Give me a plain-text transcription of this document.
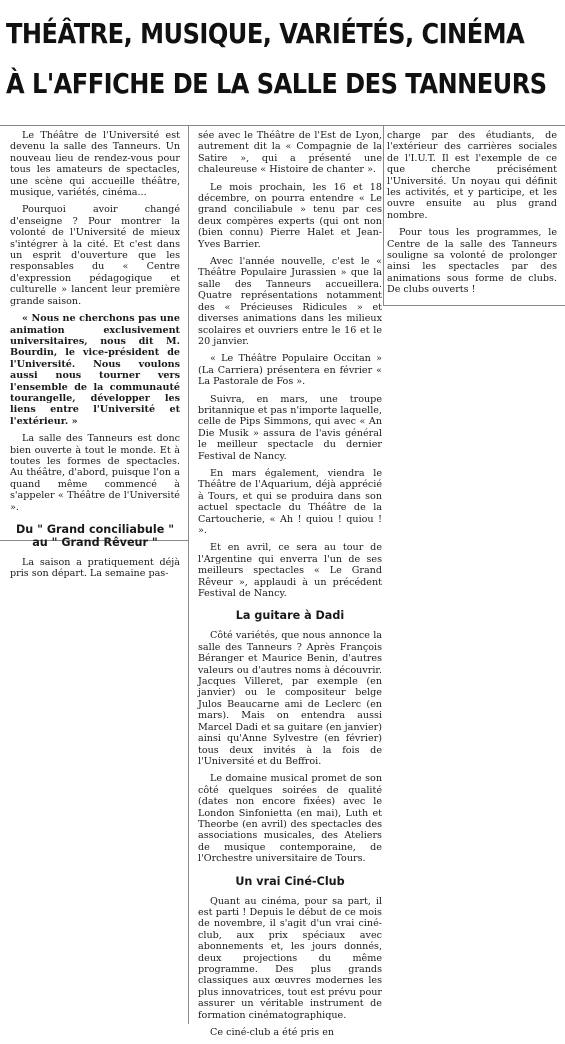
THÉÂTRE, MUSIQUE, VARIÉTÉS, CINÉMA
À L'AFFICHE DE LA SALLE DES TANNEURS

Le Théâtre de l'Université est devenu la salle des Tanneurs. Un nouveau lieu de rendez-vous pour tous les amateurs de spectacles, une scène qui accueille théâtre, musique, variétés, cinéma...

Pourquoi avoir changé d'enseigne ? Pour montrer la volonté de l'Université de mieux s'intégrer à la cité. Et c'est dans un esprit d'ouverture que les responsables du « Centre d'expression pédagogique et culturelle » lancent leur première grande saison.

« Nous ne cherchons pas une animation exclusivement universitaires, nous dit M. Bourdin, le vice-président de l'Université. Nous voulons aussi nous tourner vers l'ensemble de la communauté tourangelle, développer les liens entre l'Université et l'extérieur. »

La salle des Tanneurs est donc bien ouverte à tout le monde. Et à toutes les formes de spectacles. Au théâtre, d'abord, puisque l'on a quand même commencé à s'appeler « Théâtre de l'Université ».

Du " Grand conciliabule "
au " Grand Rêveur "

La saison a pratiquement déjà pris son départ. La semaine pas-

sée avec le Théâtre de l'Est de Lyon, autrement dit la « Compagnie de la Satire », qui a présenté une chaleureuse « Histoire de chanter ».

Le mois prochain, les 16 et 18 décembre, on pourra entendre « Le grand conciliabule » tenu par ces deux compères experts (qui ont non (bien connu) Pierre Halet et Jean-Yves Barrier.

Avec l'année nouvelle, c'est le « Théâtre Populaire Jurassien » que la salle des Tanneurs accueillera. Quatre représentations notamment des « Précieuses Ridicules » et diverses animations dans les milieux scolaires et ouvriers entre le 16 et le 20 janvier.

« Le Théâtre Populaire Occitan » (La Carriera) présentera en février « La Pastorale de Fos ».

Suivra, en mars, une troupe britannique et pas n'importe laquelle, celle de Pips Simmons, qui avec « An Die Musik » assura de l'avis général le meilleur spectacle du dernier Festival de Nancy.

En mars également, viendra le Théâtre de l'Aquarium, déjà apprécié à Tours, et qui se produira dans son actuel spectacle du Théâtre de la Cartoucherie, « Ah ! quiou ! quiou ! ».

Et en avril, ce sera au tour de l'Argentine qui enverra l'un de ses meilleurs spectacles « Le Grand Rêveur », applaudi à un précédent Festival de Nancy.

La guitare à Dadi

Côté variétés, que nous annonce la salle des Tanneurs ? Après François Béranger et Maurice Benin, d'autres valeurs ou d'autres noms à découvrir. Jacques Villeret, par exemple (en janvier) ou le compositeur belge Julos Beaucarne ami de Leclerc (en mars). Mais on entendra aussi Marcel Dadi et sa guitare (en janvier) ainsi qu'Anne Sylvestre (en février) tous deux invités à la fois de l'Université et du Beffroi.

Le domaine musical promet de son côté quelques soirées de qualité (dates non encore fixées) avec le London Sinfonietta (en mai), Luth et Theorbe (en avril) des spectacles des associations musicales, des Ateliers de musique contemporaine, de l'Orchestre universitaire de Tours.

Un vrai Ciné-Club

Quant au cinéma, pour sa part, il est parti ! Depuis le début de ce mois de novembre, il s'agit d'un vrai ciné-club, aux prix spéciaux avec abonnements et, les jours donnés, deux projections du même programme. Des plus grands classiques aux œuvres modernes les plus innovatrices, tout est prévu pour assurer un véritable instrument de formation cinématographique.

Ce ciné-club a été pris en

charge par des étudiants, de l'extérieur des carrières sociales de l'I.U.T. Il est l'exemple de ce que cherche précisément l'Université. Un noyau qui définit les activités, et y participe, et les ouvre ensuite au plus grand nombre.

Pour tous les programmes, le Centre de la salle des Tanneurs souligne sa volonté de prolonger ainsi les spectacles par des animations sous forme de clubs. De clubs ouverts !
